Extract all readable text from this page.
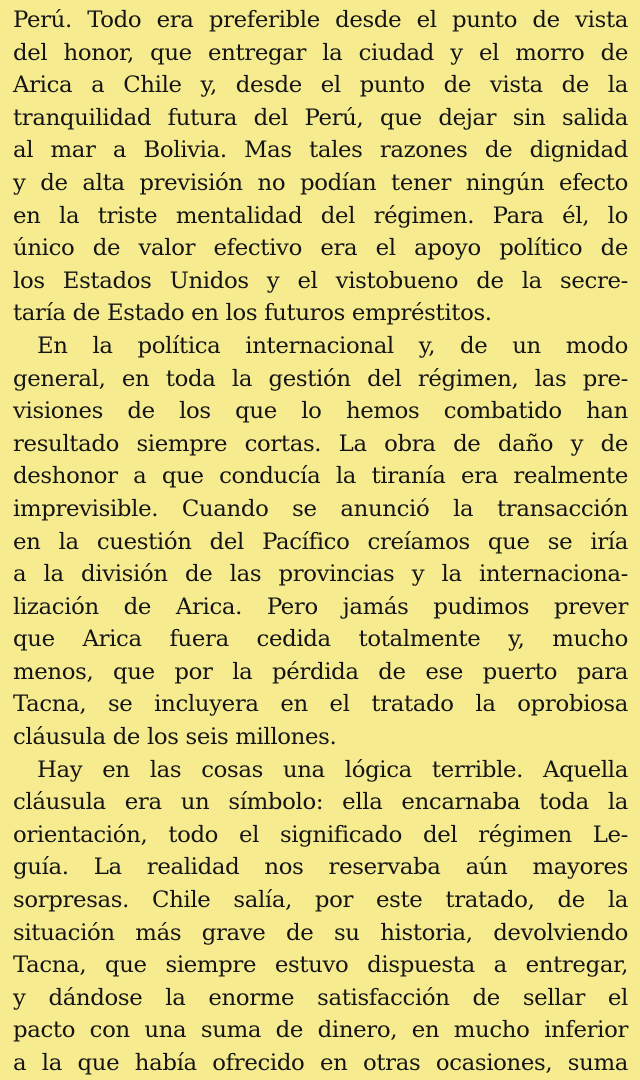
Perú. Todo era preferible desde el punto de vista
del honor, que entregar la ciudad y el morro de
Arica a Chile y, desde el punto de vista de la
tranquilidad futura del Perú, que dejar sin salida
al mar a Bolivia. Mas tales razones de dignidad
y de alta previsión no podían tener ningún efecto
en la triste mentalidad del régimen. Para él, lo
único de valor efectivo era el apoyo político de
los Estados Unidos y el vistobueno de la secre-
taría de Estado en los futuros empréstitos.
En la política internacional y, de un modo
general, en toda la gestión del régimen, las pre-
visiones de los que lo hemos combatido han
resultado siempre cortas. La obra de daño y de
deshonor a que conducía la tiranía era realmente
imprevisible. Cuando se anunció la transacción
en la cuestión del Pacífico creíamos que se iría
a la división de las provincias y la internaciona-
lización de Arica. Pero jamás pudimos prever
que Arica fuera cedida totalmente y, mucho
menos, que por la pérdida de ese puerto para
Tacna, se incluyera en el tratado la oprobiosa
cláusula de los seis millones.
Hay en las cosas una lógica terrible. Aquella
cláusula era un símbolo: ella encarnaba toda la
orientación, todo el significado del régimen Le-
guía. La realidad nos reservaba aún mayores
sorpresas. Chile salía, por este tratado, de la
situación más grave de su historia, devolviendo
Tacna, que siempre estuvo dispuesta a entregar,
y dándose la enorme satisfacción de sellar el
pacto con una suma de dinero, en mucho inferior
a la que había ofrecido en otras ocasiones, suma
